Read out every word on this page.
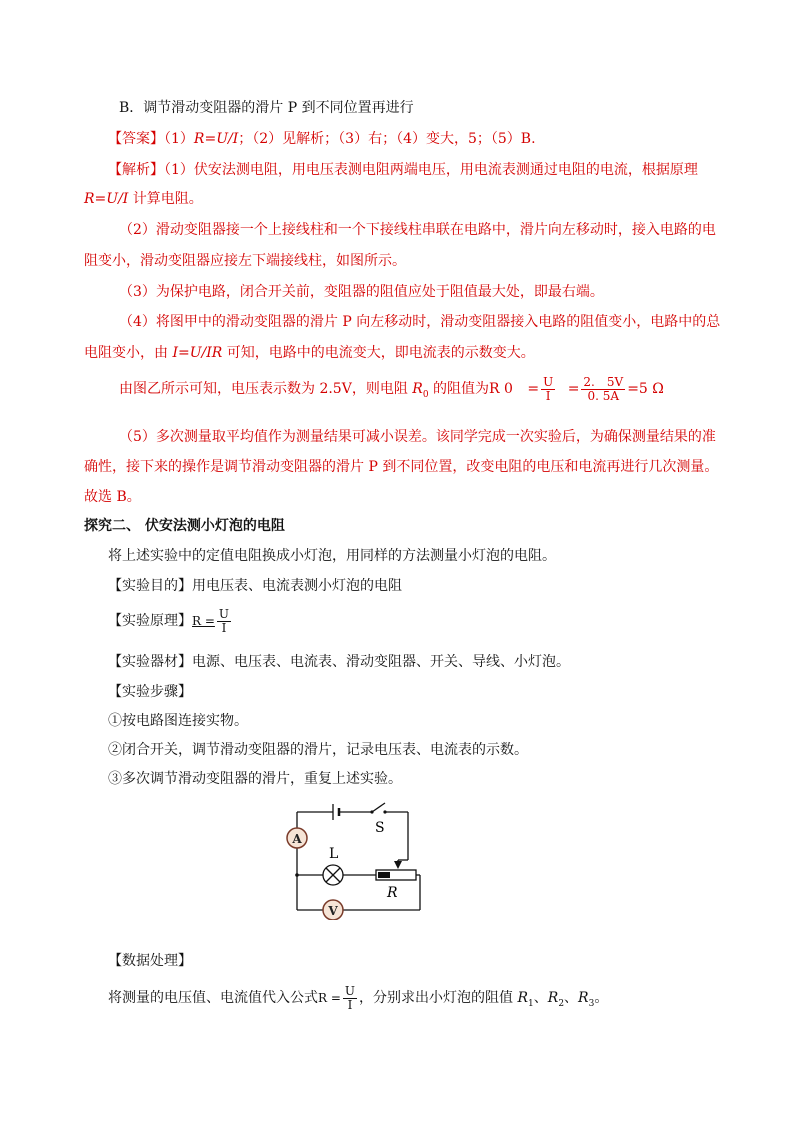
B．调节滑动变阻器的滑片 P 到不同位置再进行
【答案】（1）R=U/I；（2）见解析；（3）右；（4）变大，5；（5）B.
【解析】（1）伏安法测电阻，用电压表测电阻两端电压，用电流表测通过电阻的电流，根据原理
R=U/I 计算电阻。
（2）滑动变阻器接一个上接线柱和一个下接线柱串联在电路中，滑片向左移动时，接入电路的电
阻变小，滑动变阻器应接左下端接线柱，如图所示。
（3）为保护电路，闭合开关前，变阻器的阻值应处于阻值最大处，即最右端。
（4）将图甲中的滑动变阻器的滑片 P 向左移动时，滑动变阻器接入电路的阻值变小，电路中的总
电阻变小，由 I=U/IR 可知，电路中的电流变大，即电流表的示数变大。
由图乙所示可知，电压表示数为 2.5V，则电阻 $R_0$ 的阻值为R $0 = \frac{U}{I} = \frac{2. 5V}{0. 5A} =5$ Ω
（5）多次测量取平均值作为测量结果可减小误差。该同学完成一次实验后，为确保测量结果的准
确性，接下来的操作是调节滑动变阻器的滑片 P 到不同位置，改变电阻的电压和电流再进行几次测量。
故选 B。
探究二、 伏安法测小灯泡的电阻
将上述实验中的定值电阻换成小灯泡，用同样的方法测量小灯泡的电阻。
【实验目的】用电压表、电流表测小灯泡的电阻
【实验原理】$R = \frac{U}{I}$
【实验器材】电源、电压表、电流表、滑动变阻器、开关、导线、小灯泡。
【实验步骤】
①按电路图连接实物。
②闭合开关，调节滑动变阻器的滑片，记录电压表、电流表的示数。
③多次调节滑动变阻器的滑片，重复上述实验。
A
V
L
S
R
【数据处理】
将测量的电压值、电流值代入公式$R = \frac{U}{I}$ ，分别求出小灯泡的阻值 $R_1$、$R_2$、$R_3$。
